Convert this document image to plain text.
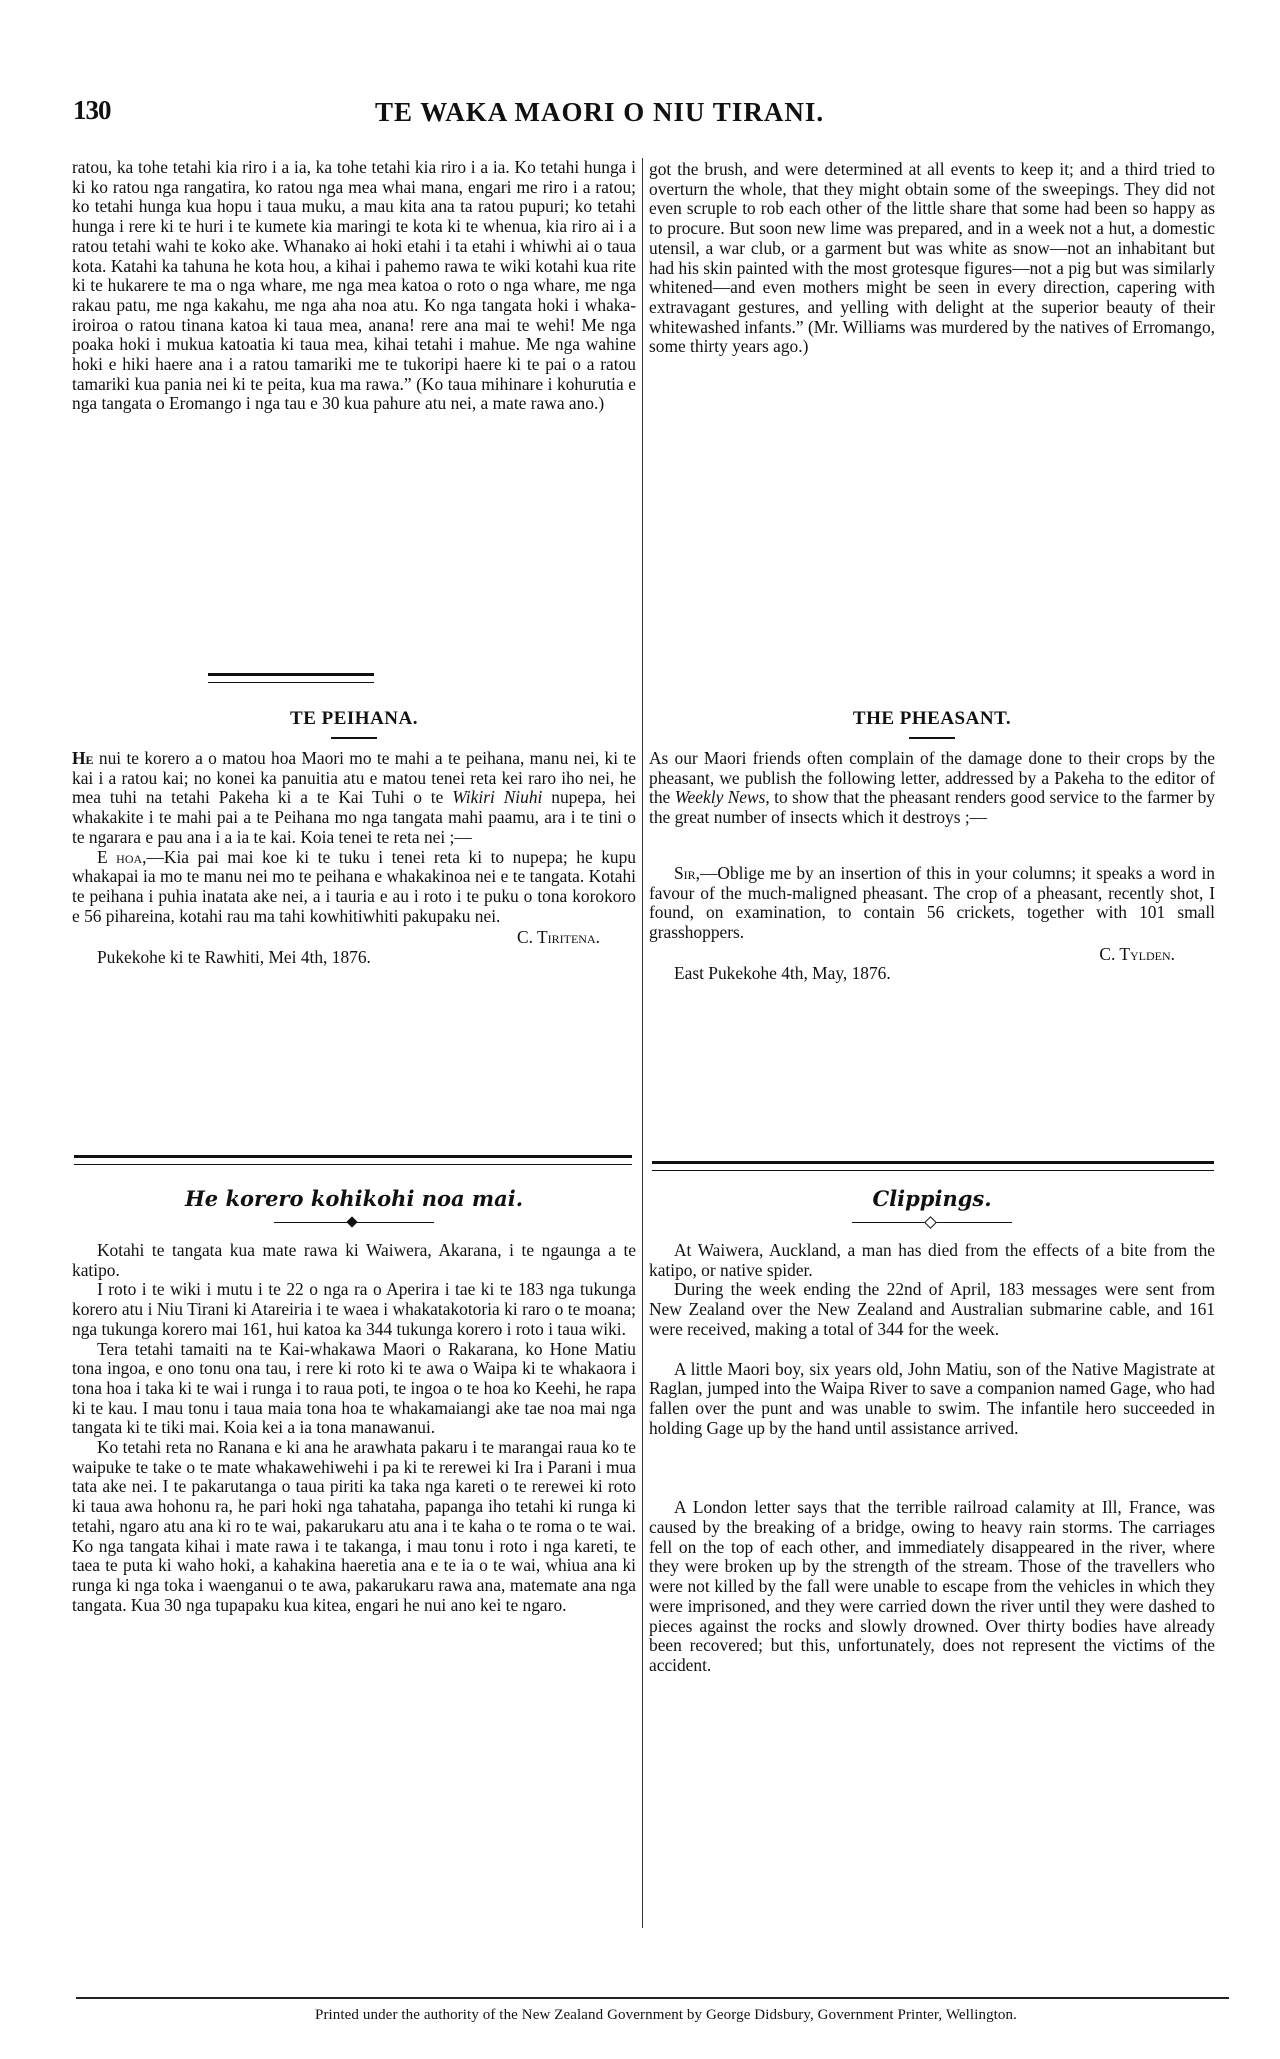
130	TE WAKA MAORI O NIU TIRANI.

ratou, ka tohe tetahi kia riro i a ia, ka tohe tetahi kia riro i a ia. Ko tetahi hunga i ki ko ratou nga rangatira, ko ratou nga mea whai mana, engari me riro i a ratou; ko tetahi hunga kua hopu i taua muku, a mau kita ana ta ratou pupuri; ko tetahi hunga i rere ki te huri i te kumete kia maringi te kota ki te whenua, kia riro ai i a ratou tetahi wahi te koko ake. Whanako ai hoki etahi i ta etahi i whiwhi ai o taua kota. Katahi ka tahuna he kota hou, a kihai i pahemo rawa te wiki kotahi kua rite ki te hukarere te ma o nga whare, me nga mea katoa o roto o nga whare, me nga rakau patu, me nga kakahu, me nga aha noa atu. Ko nga tangata hoki i whaka-iroiroa o ratou tinana katoa ki taua mea, anana! rere ana mai te wehi! Me nga poaka hoki i mukua katoatia ki taua mea, kihai tetahi i mahue. Me nga wahine hoki e hiki haere ana i a ratou tamariki me te tukoripi haere ki te pai o a ratou tamariki kua pania nei ki te peita, kua ma rawa.” (Ko taua mihinare i kohurutia e nga tangata o Eromango i nga tau e 30 kua pahure atu nei, a mate rawa ano.)

got the brush, and were determined at all events to keep it; and a third tried to overturn the whole, that they might obtain some of the sweepings. They did not even scruple to rob each other of the little share that some had been so happy as to procure. But soon new lime was prepared, and in a week not a hut, a domestic utensil, a war club, or a garment but was white as snow—not an inhabitant but had his skin painted with the most grotesque figures—not a pig but was similarly whitened—and even mothers might be seen in every direction, capering with extravagant gestures, and yelling with delight at the superior beauty of their whitewashed infants.” (Mr. Williams was murdered by the natives of Erromango, some thirty years ago.)

TE PEIHANA.

He nui te korero a o matou hoa Maori mo te mahi a te peihana, manu nei, ki te kai i a ratou kai; no konei ka panuitia atu e matou tenei reta kei raro iho nei, he mea tuhi na tetahi Pakeha ki a te Kai Tuhi o te Wikiri Niuhi nupepa, hei whakakite i te mahi pai a te Peihana mo nga tangata mahi paamu, ara i te tini o te ngarara e pau ana i a ia te kai. Koia tenei te reta nei ;—

E hoa,—Kia pai mai koe ki te tuku i tenei reta ki to nupepa; he kupu whakapai ia mo te manu nei mo te peihana e whakakinoa nei e te tangata. Kotahi te peihana i puhia inatata ake nei, a i tauria e au i roto i te puku o tona korokoro e 56 pihareina, kotahi rau ma tahi kowhitiwhiti pakupaku nei.

C. Tiritena.

Pukekohe ki te Rawhiti, Mei 4th, 1876.

THE PHEASANT.

As our Maori friends often complain of the damage done to their crops by the pheasant, we publish the following letter, addressed by a Pakeha to the editor of the Weekly News, to show that the pheasant renders good service to the farmer by the great number of insects which it destroys ;—

Sir,—Oblige me by an insertion of this in your columns; it speaks a word in favour of the much-maligned pheasant. The crop of a pheasant, recently shot, I found, on examination, to contain 56 crickets, together with 101 small grasshoppers.

C. Tylden.

East Pukekohe 4th, May, 1876.

He korero kohikohi noa mai.

Kotahi te tangata kua mate rawa ki Waiwera, Akarana, i te ngaunga a te katipo.

I roto i te wiki i mutu i te 22 o nga ra o Aperira i tae ki te 183 nga tukunga korero atu i Niu Tirani ki Atareiria i te waea i whakatakotoria ki raro o te moana; nga tukunga korero mai 161, hui katoa ka 344 tukunga korero i roto i taua wiki.

Tera tetahi tamaiti na te Kai-whakawa Maori o Rakarana, ko Hone Matiu tona ingoa, e ono tonu ona tau, i rere ki roto ki te awa o Waipa ki te whakaora i tona hoa i taka ki te wai i runga i to raua poti, te ingoa o te hoa ko Keehi, he rapa ki te kau. I mau tonu i taua maia tona hoa te whakamaiangi ake tae noa mai nga tangata ki te tiki mai. Koia kei a ia tona manawanui.

Ko tetahi reta no Ranana e ki ana he arawhata pakaru i te marangai raua ko te waipuke te take o te mate whakawehiwehi i pa ki te rerewei ki Ira i Parani i mua tata ake nei. I te pakarutanga o taua piriti ka taka nga kareti o te rerewei ki roto ki taua awa hohonu ra, he pari hoki nga tahataha, papanga iho tetahi ki runga ki tetahi, ngaro atu ana ki ro te wai, pakarukaru atu ana i te kaha o te roma o te wai. Ko nga tangata kihai i mate rawa i te takanga, i mau tonu i roto i nga kareti, te taea te puta ki waho hoki, a kahakina haeretia ana e te ia o te wai, whiua ana ki runga ki nga toka i waenganui o te awa, pakarukaru rawa ana, matemate ana nga tangata. Kua 30 nga tupapaku kua kitea, engari he nui ano kei te ngaro.

Clippings.

At Waiwera, Auckland, a man has died from the effects of a bite from the katipo, or native spider.

During the week ending the 22nd of April, 183 messages were sent from New Zealand over the New Zealand and Australian submarine cable, and 161 were received, making a total of 344 for the week.

A little Maori boy, six years old, John Matiu, son of the Native Magistrate at Raglan, jumped into the Waipa River to save a companion named Gage, who had fallen over the punt and was unable to swim. The infantile hero succeeded in holding Gage up by the hand until assistance arrived.

A London letter says that the terrible railroad calamity at Ill, France, was caused by the breaking of a bridge, owing to heavy rain storms. The carriages fell on the top of each other, and immediately disappeared in the river, where they were broken up by the strength of the stream. Those of the travellers who were not killed by the fall were unable to escape from the vehicles in which they were imprisoned, and they were carried down the river until they were dashed to pieces against the rocks and slowly drowned. Over thirty bodies have already been recovered; but this, unfortunately, does not represent the victims of the accident.

Printed under the authority of the New Zealand Government by George Didsbury, Government Printer, Wellington.
